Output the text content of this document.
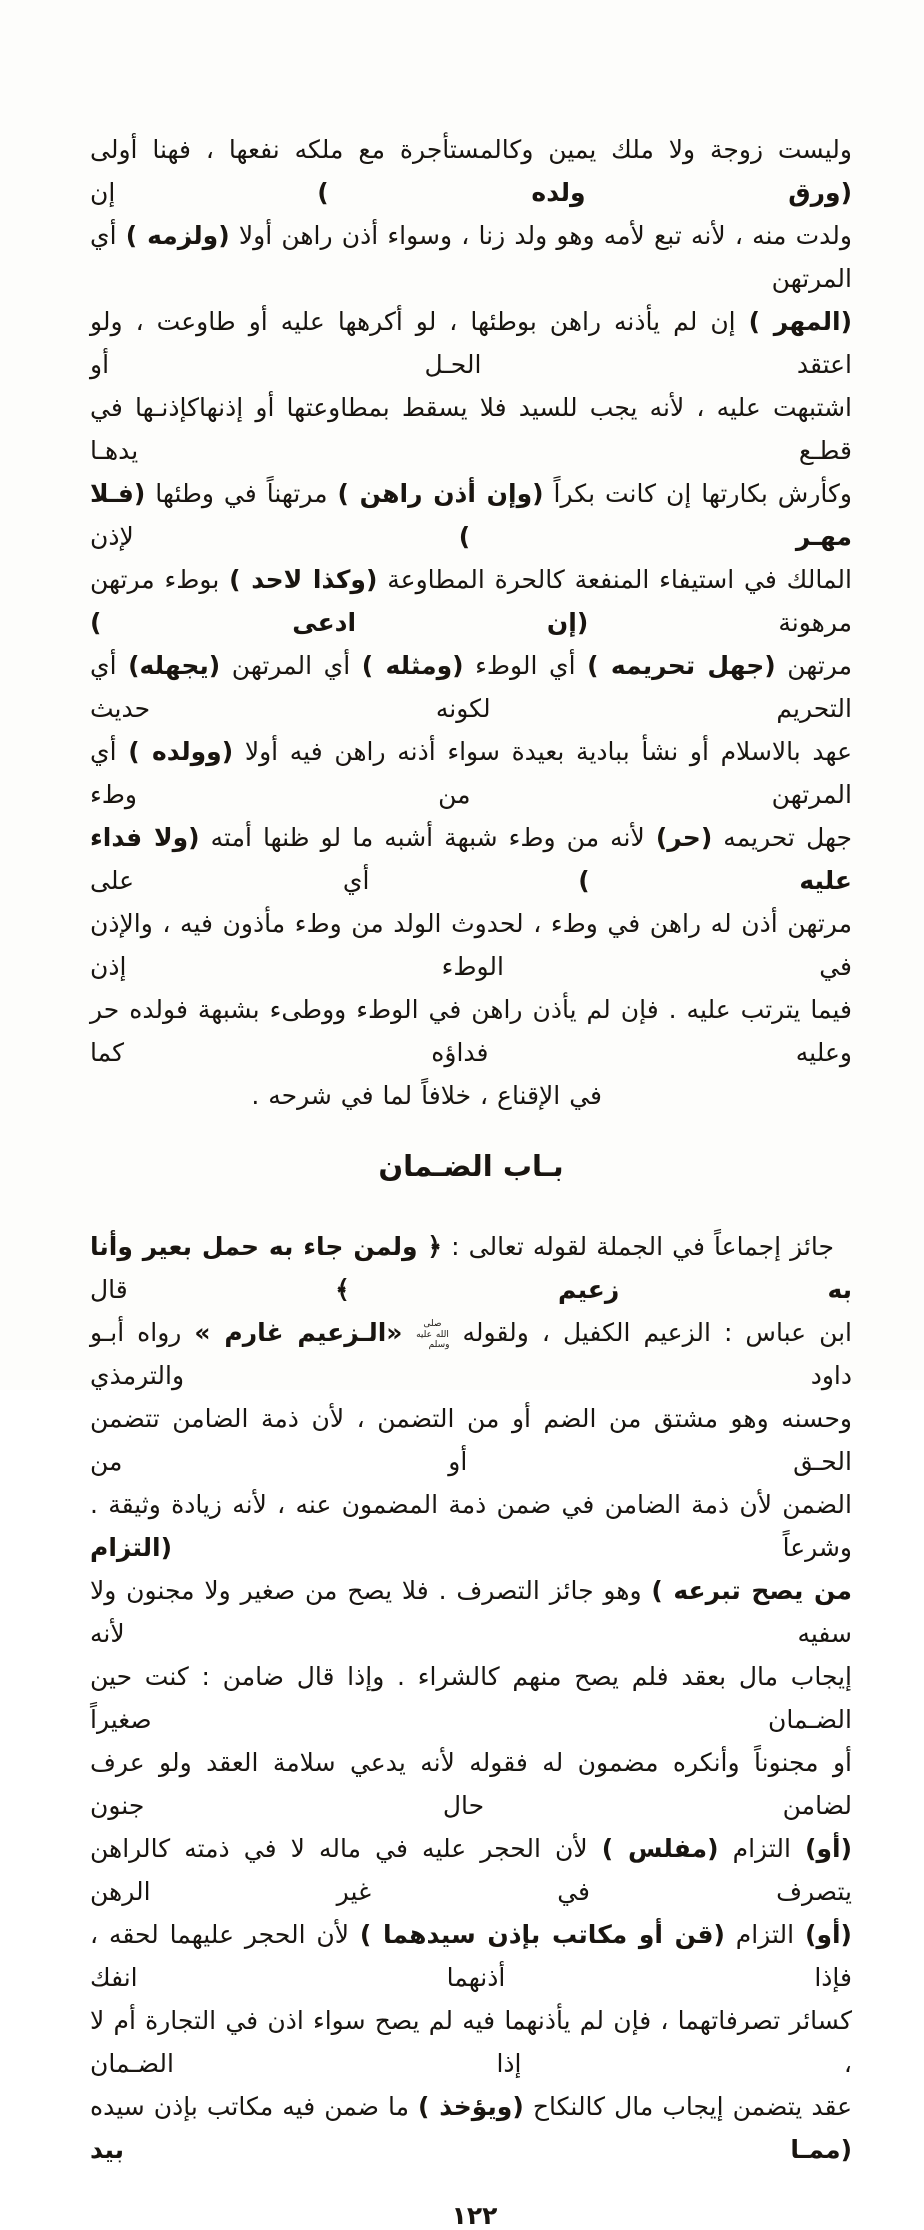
وليست زوجة ولا ملك يمين وكالمستأجرة مع ملكه نفعها ، فهنا أولى (ورق ولده ) إن
ولدت منه ، لأنه تبع لأمه وهو ولد زنا ، وسواء أذن راهن أولا (ولزمه ) أي المرتهن
(المهر ) إن لم يأذنه راهن بوطئها ، لو أكرهها عليه أو طاوعت ، ولو اعتقد الحـل أو
اشتبهت عليه ، لأنه يجب للسيد فلا يسقط بمطاوعتها أو إذنهاكإذنـها في قطـع يدهـا
وكأرش بكارتها إن كانت بكراً (وإن أذن راهن ) مرتهناً في وطئها (فـلا مهـر ) لإذن
المالك في استيفاء المنفعة كالحرة المطاوعة (وكذا لاحد ) بوطء مرتهن مرهونة (إن ادعى )
مرتهن (جهل تحريمه ) أي الوطء (ومثله ) أي المرتهن (يجهله) أي التحريم لكونه حديث
عهد بالاسلام أو نشأ ببادية بعيدة سواء أذنه راهن فيه أولا (وولده ) أي المرتهن من وطء
جهل تحريمه (حر) لأنه من وطء شبهة أشبه ما لو ظنها أمته (ولا فداء عليه ) أي على
مرتهن أذن له راهن في وطء ، لحدوث الولد من وطء مأذون فيه ، والإذن في الوطء إذن
فيما يترتب عليه . فإن لم يأذن راهن في الوطء ووطىء بشبهة فولده حر وعليه فداؤه كما
في الإقناع ، خلافاً لما في شرحه .
بـاب الضـمان
جائز إجماعاً في الجملة لقوله تعالى : ﴿ ولمن جاء به حمل بعير وأنا به زعيم ﴾ قال
ابن عباس : الزعيم الكفيل ، ولقوله صلى الله عليه وسلم «الـزعيم غارم » رواه أبـو داود والترمذي
وحسنه وهو مشتق من الضم أو من التضمن ، لأن ذمة الضامن تتضمن الحـق أو من
الضمن لأن ذمة الضامن في ضمن ذمة المضمون عنه ، لأنه زيادة وثيقة . وشرعاً (التزام
من يصح تبرعه ) وهو جائز التصرف . فلا يصح من صغير ولا مجنون ولا سفيه لأنه
إيجاب مال بعقد فلم يصح منهم كالشراء . وإذا قال ضامن : كنت حين الضـمان صغيراً
أو مجنوناً وأنكره مضمون له فقوله لأنه يدعي سلامة العقد ولو عرف لضامن حال جنون
(أو) التزام (مفلس ) لأن الحجر عليه في ماله لا في ذمته كالراهن يتصرف في غير الرهن
(أو) التزام (قن أو مكاتب بإذن سيدهما ) لأن الحجر عليهما لحقه ، فإذا أذنهما انفك
كسائر تصرفاتهما ، فإن لم يأذنهما فيه لم يصح سواء اذن في التجارة أم لا ، إذا الضـمان
عقد يتضمن إيجاب مال كالنكاح (ويؤخذ ) ما ضمن فيه مكاتب بإذن سيده (ممـا بيد
١٢٢
